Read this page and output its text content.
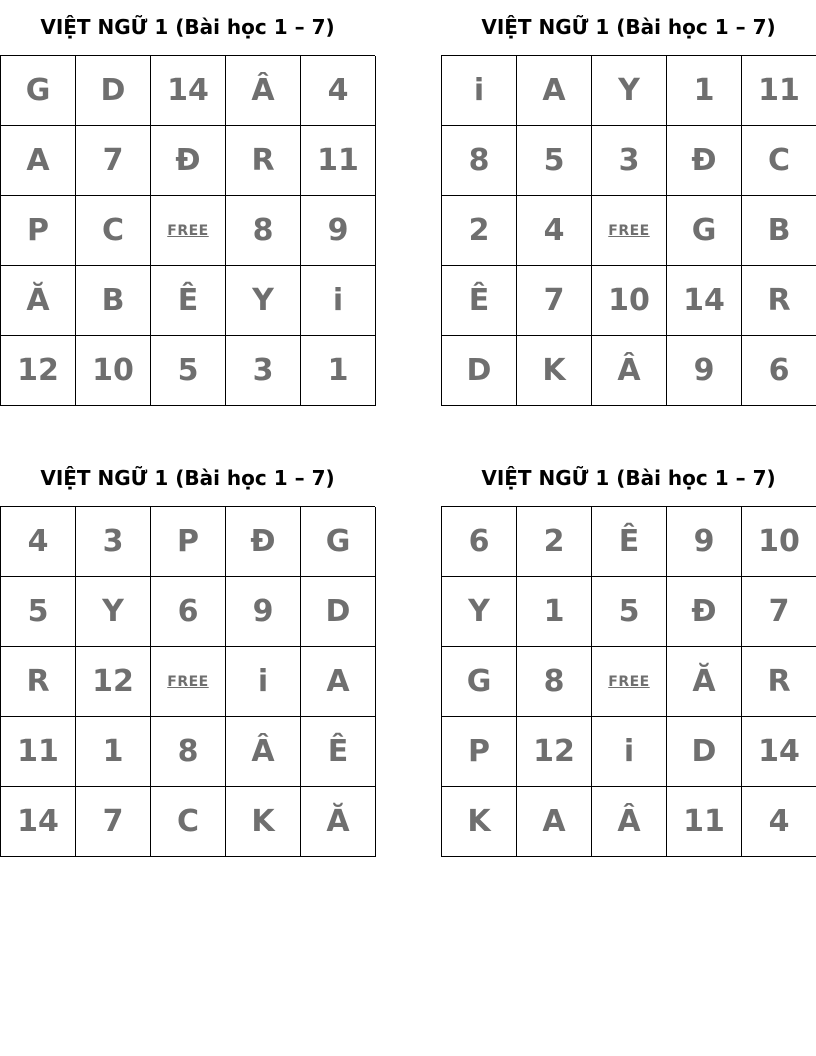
VIỆT NGỮ 1 (Bài học 1 – 7)
G	D	14	Â	4
A	7	Đ	R	11
P	C	FREE	8	9
Ă	B	Ê	Y	i
12	10	5	3	1
VIỆT NGỮ 1 (Bài học 1 – 7)
i	A	Y	1	11
8	5	3	Đ	C
2	4	FREE	G	B
Ê	7	10	14	R
D	K	Â	9	6
VIỆT NGỮ 1 (Bài học 1 – 7)
4	3	P	Đ	G
5	Y	6	9	D
R	12	FREE	i	A
11	1	8	Â	Ê
14	7	C	K	Ă
VIỆT NGỮ 1 (Bài học 1 – 7)
6	2	Ê	9	10
Y	1	5	Đ	7
G	8	FREE	Ă	R
P	12	i	D	14
K	A	Â	11	4
